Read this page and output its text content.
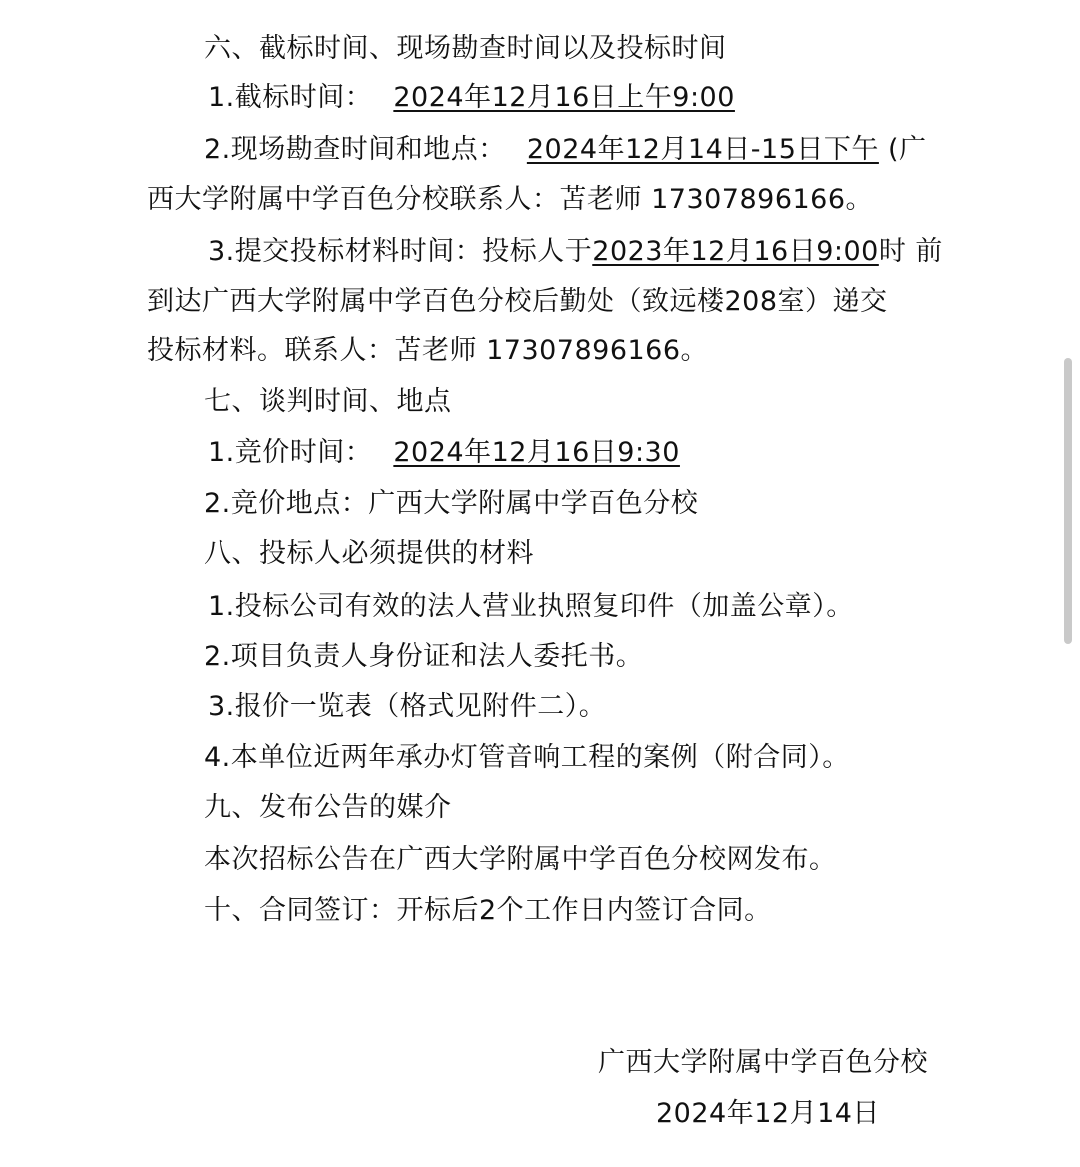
六、截标时间、现场勘查时间以及投标时间
1.截标时间： 2024年12月16日上午9:00
2.现场勘查时间和地点： 2024年12月14日-15日下午 (广
西大学附属中学百色分校联系人：苫老师 17307896166。
3.提交投标材料时间：投标人于2023年12月16日9:00时 前
到达广西大学附属中学百色分校后勤处（致远楼208室）递交
投标材料。联系人：苫老师 17307896166。
七、谈判时间、地点
1.竞价时间： 2024年12月16日9:30
2.竞价地点：广西大学附属中学百色分校
八、投标人必须提供的材料
1.投标公司有效的法人营业执照复印件（加盖公章）。
2.项目负责人身份证和法人委托书。
3.报价一览表（格式见附件二）。
4.本单位近两年承办灯管音响工程的案例（附合同）。
九、发布公告的媒介
本次招标公告在广西大学附属中学百色分校网发布。
十、合同签订：开标后2个工作日内签订合同。
广西大学附属中学百色分校
2024年12月14日
